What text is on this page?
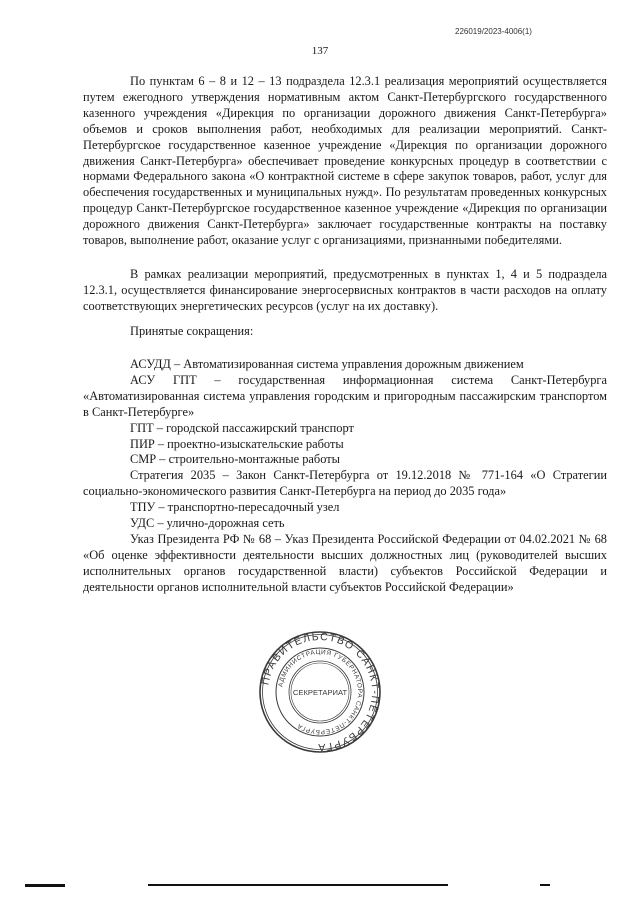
226019/2023-4006(1)
137

По пунктам 6 – 8 и 12 – 13 подраздела 12.3.1 реализация мероприятий осуществляется путем ежегодного утверждения нормативным актом Санкт-Петербургского государственного казенного учреждения «Дирекция по организации дорожного движения Санкт-Петербурга» объемов и сроков выполнения работ, необходимых для реализации мероприятий. Санкт-Петербургское государственное казенное учреждение «Дирекция по организации дорожного движения Санкт-Петербурга» обеспечивает проведение конкурсных процедур в соответствии с нормами Федерального закона «О контрактной системе в сфере закупок товаров, работ, услуг для обеспечения государственных и муниципальных нужд». По результатам проведенных конкурсных процедур Санкт-Петербургское государственное казенное учреждение «Дирекция по организации дорожного движения Санкт-Петербурга» заключает государственные контракты на поставку товаров, выполнение работ, оказание услуг с организациями, признанными победителями.

В рамках реализации мероприятий, предусмотренных в пунктах 1, 4 и 5 подраздела 12.3.1, осуществляется финансирование энергосервисных контрактов в части расходов на оплату соответствующих энергетических ресурсов (услуг на их доставку).

Принятые сокращения:

АСУДД – Автоматизированная система управления дорожным движением

АСУ ГПТ – государственная информационная система Санкт-Петербурга «Автоматизированная система управления городским и пригородным пассажирским транспортом в Санкт-Петербурге»

ГПТ – городской пассажирский транспорт

ПИР – проектно-изыскательские работы

СМР – строительно-монтажные работы

Стратегия 2035 – Закон Санкт-Петербурга от 19.12.2018 № 771-164 «О Стратегии социально-экономического развития Санкт-Петербурга на период до 2035 года»

ТПУ – транспортно-пересадочный узел

УДС – улично-дорожная сеть

Указ Президента РФ № 68 – Указ Президента Российской Федерации от 04.02.2021 № 68 «Об оценке эффективности деятельности высших должностных лиц (руководителей высших исполнительных органов государственной власти) субъектов Российской Федерации и деятельности органов исполнительной власти субъектов Российской Федерации»

ПРАВИТЕЛЬСТВО САНКТ-ПЕТЕРБУРГА
АДМИНИСТРАЦИЯ ГУБЕРНАТОРА САНКТ-ПЕТЕРБУРГА
СЕКРЕТАРИАТ
